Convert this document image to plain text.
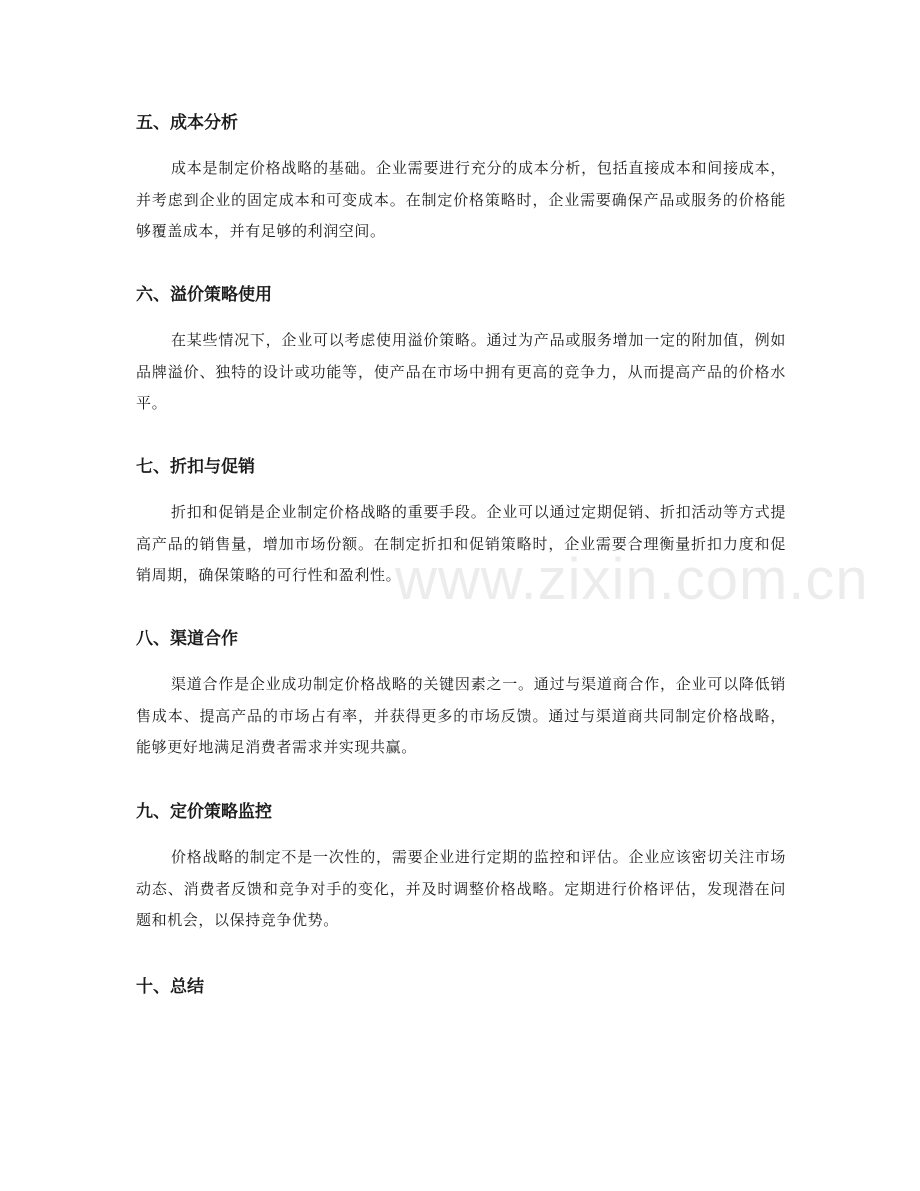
五、成本分析

成本是制定价格战略的基础。企业需要进行充分的成本分析，包括直接成本和间接成本，并考虑到企业的固定成本和可变成本。在制定价格策略时，企业需要确保产品或服务的价格能够覆盖成本，并有足够的利润空间。

六、溢价策略使用

在某些情况下，企业可以考虑使用溢价策略。通过为产品或服务增加一定的附加值，例如品牌溢价、独特的设计或功能等，使产品在市场中拥有更高的竞争力，从而提高产品的价格水平。

七、折扣与促销

折扣和促销是企业制定价格战略的重要手段。企业可以通过定期促销、折扣活动等方式提高产品的销售量，增加市场份额。在制定折扣和促销策略时，企业需要合理衡量折扣力度和促销周期，确保策略的可行性和盈利性。

八、渠道合作

渠道合作是企业成功制定价格战略的关键因素之一。通过与渠道商合作，企业可以降低销售成本、提高产品的市场占有率，并获得更多的市场反馈。通过与渠道商共同制定价格战略，能够更好地满足消费者需求并实现共赢。

九、定价策略监控

价格战略的制定不是一次性的，需要企业进行定期的监控和评估。企业应该密切关注市场动态、消费者反馈和竞争对手的变化，并及时调整价格战略。定期进行价格评估，发现潜在问题和机会，以保持竞争优势。

十、总结
www.zixin.com.cn
